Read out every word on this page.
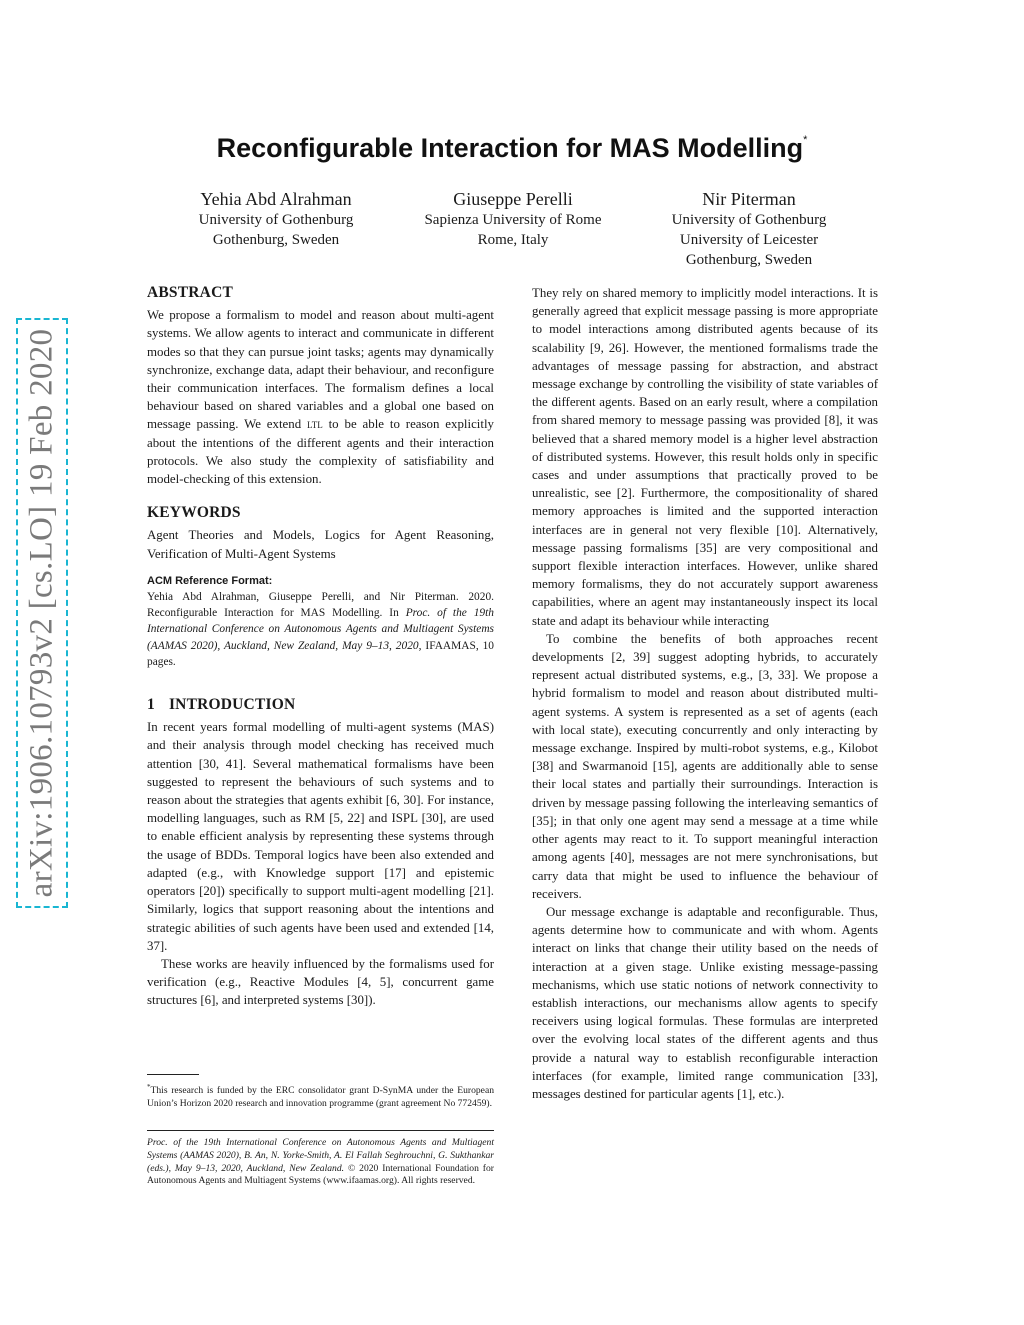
arXiv:1906.10793v2 [cs.LO] 19 Feb 2020
Reconfigurable Interaction for MAS Modelling*
Yehia Abd Alrahman
University of Gothenburg
Gothenburg, Sweden
Giuseppe Perelli
Sapienza University of Rome
Rome, Italy
Nir Piterman
University of Gothenburg
University of Leicester
Gothenburg, Sweden
ABSTRACT

We propose a formalism to model and reason about multi-agent systems. We allow agents to interact and communicate in different modes so that they can pursue joint tasks; agents may dynamically synchronize, exchange data, adapt their behaviour, and reconfigure their communication interfaces. The formalism defines a local behaviour based on shared variables and a global one based on message passing. We extend ltl to be able to reason explicitly about the intentions of the different agents and their interaction protocols. We also study the complexity of satisfiability and model-checking of this extension.

KEYWORDS

Agent Theories and Models, Logics for Agent Reasoning, Verification of Multi-Agent Systems

ACM Reference Format:

Yehia Abd Alrahman, Giuseppe Perelli, and Nir Piterman. 2020. Reconfigurable Interaction for MAS Modelling. In Proc. of the 19th International Conference on Autonomous Agents and Multiagent Systems (AAMAS 2020), Auckland, New Zealand, May 9–13, 2020, IFAAMAS, 10 pages.

1 INTRODUCTION

In recent years formal modelling of multi-agent systems (MAS) and their analysis through model checking has received much attention [30, 41]. Several mathematical formalisms have been suggested to represent the behaviours of such systems and to reason about the strategies that agents exhibit [6, 30]. For instance, modelling languages, such as RM [5, 22] and ISPL [30], are used to enable efficient analysis by representing these systems through the usage of BDDs. Temporal logics have been also extended and adapted (e.g., with Knowledge support [17] and epistemic operators [20]) specifically to support multi-agent modelling [21]. Similarly, logics that support reasoning about the intentions and strategic abilities of such agents have been used and extended [14, 37].

These works are heavily influenced by the formalisms used for verification (e.g., Reactive Modules [4, 5], concurrent game structures [6], and interpreted systems [30]).

*This research is funded by the ERC consolidator grant D-SynMA under the European Union’s Horizon 2020 research and innovation programme (grant agreement No 772459).
Proc. of the 19th International Conference on Autonomous Agents and Multiagent Systems (AAMAS 2020), B. An, N. Yorke-Smith, A. El Fallah Seghrouchni, G. Sukthankar (eds.), May 9–13, 2020, Auckland, New Zealand. © 2020 International Foundation for Autonomous Agents and Multiagent Systems (www.ifaamas.org). All rights reserved.

They rely on shared memory to implicitly model interactions. It is generally agreed that explicit message passing is more appropriate to model interactions among distributed agents because of its scalability [9, 26]. However, the mentioned formalisms trade the advantages of message passing for abstraction, and abstract message exchange by controlling the visibility of state variables of the different agents. Based on an early result, where a compilation from shared memory to message passing was provided [8], it was believed that a shared memory model is a higher level abstraction of distributed systems. However, this result holds only in specific cases and under assumptions that practically proved to be unrealistic, see [2]. Furthermore, the compositionality of shared memory approaches is limited and the supported interaction interfaces are in general not very flexible [10]. Alternatively, message passing formalisms [35] are very compositional and support flexible interaction interfaces. However, unlike shared memory formalisms, they do not accurately support awareness capabilities, where an agent may instantaneously inspect its local state and adapt its behaviour while interacting

To combine the benefits of both approaches recent developments [2, 39] suggest adopting hybrids, to accurately represent actual distributed systems, e.g., [3, 33]. We propose a hybrid formalism to model and reason about distributed multi-agent systems. A system is represented as a set of agents (each with local state), executing concurrently and only interacting by message exchange. Inspired by multi-robot systems, e.g., Kilobot [38] and Swarmanoid [15], agents are additionally able to sense their local states and partially their surroundings. Interaction is driven by message passing following the interleaving semantics of [35]; in that only one agent may send a message at a time while other agents may react to it. To support meaningful interaction among agents [40], messages are not mere synchronisations, but carry data that might be used to influence the behaviour of receivers.

Our message exchange is adaptable and reconfigurable. Thus, agents determine how to communicate and with whom. Agents interact on links that change their utility based on the needs of interaction at a given stage. Unlike existing message-passing mechanisms, which use static notions of network connectivity to establish interactions, our mechanisms allow agents to specify receivers using logical formulas. These formulas are interpreted over the evolving local states of the different agents and thus provide a natural way to establish reconfigurable interaction interfaces (for example, limited range communication [33], messages destined for particular agents [1], etc.).
